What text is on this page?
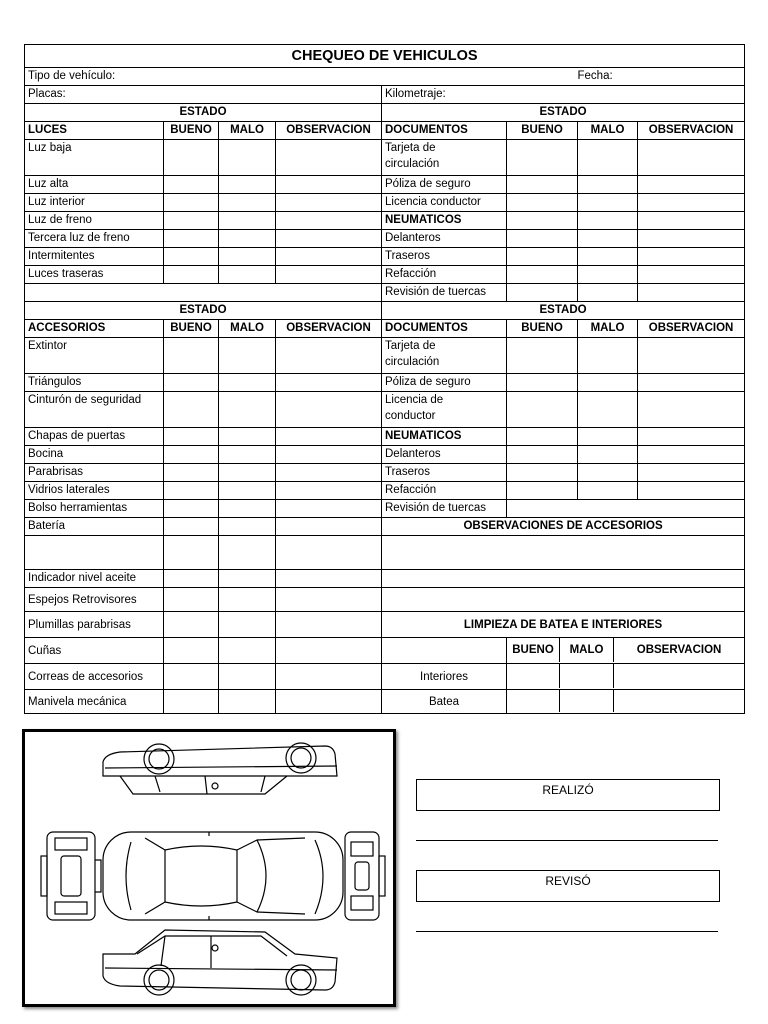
CHEQUEO DE VEHICULOS							
Tipo de vehículo:						Fecha:	
Placas:				Kilometraje:			
ESTADO				ESTADO			
LUCES	BUENO	MALO	OBSERVACION	DOCUMENTOS	BUENO	MALO	OBSERVACION
Luz baja				Tarjeta de
circulación			
Luz alta				Póliza de seguro			
Luz interior				Licencia conductor			
Luz de freno				NEUMATICOS			
Tercera luz de freno				Delanteros			
Intermitentes				Traseros			
Luces traseras				Refacción			
				Revisión de tuercas			
ESTADO				ESTADO			
ACCESORIOS	BUENO	MALO	OBSERVACION	DOCUMENTOS	BUENO	MALO	OBSERVACION
Extintor				Tarjeta de
circulación			
Triángulos				Póliza de seguro			
Cinturón de seguridad				Licencia de
conductor			
Chapas de puertas				NEUMATICOS			
Bocina				Delanteros			
Parabrisas				Traseros			
Vidrios laterales				Refacción			
Bolso herramientas				Revisión de tuercas			
Batería				OBSERVACIONES DE ACCESORIOS			

Indicador nivel aceite							
Espejos Retrovisores							
Plumillas parabrisas				LIMPIEZA DE BATEA E INTERIORES			
Cuñas					BUENO MALO OBSERVACION		

Correas de accesorios				Interiores			

Manivela mecánica				Batea			
REALIZÓ
REVISÓ
